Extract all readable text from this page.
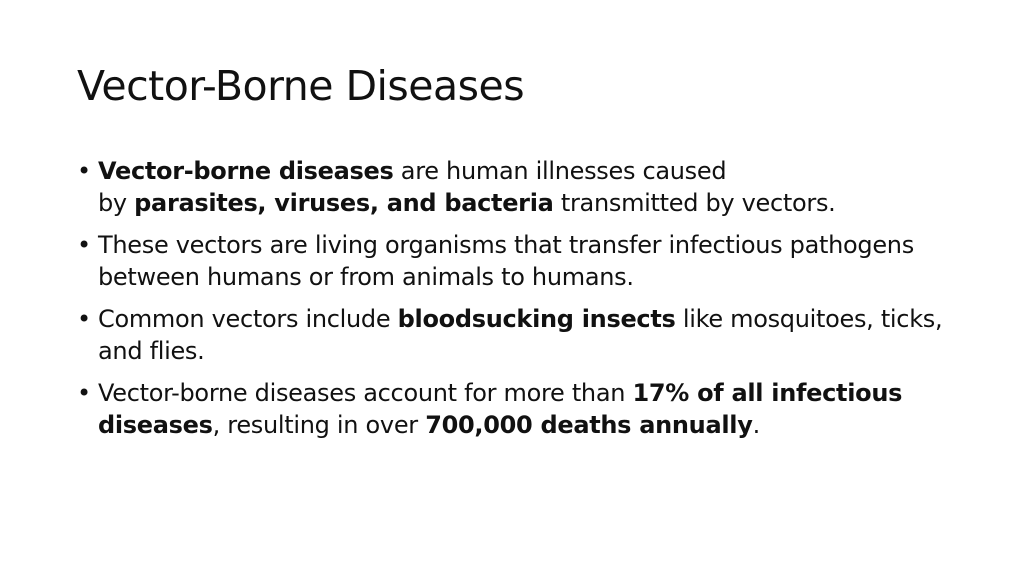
Vector-Borne Diseases
• Vector-borne diseases are human illnesses caused
by parasites, viruses, and bacteria transmitted by vectors.
• These vectors are living organisms that transfer infectious pathogens between humans or from animals to humans.
• Common vectors include bloodsucking insects like mosquitoes, ticks, and flies.
• Vector-borne diseases account for more than 17% of all infectious diseases, resulting in over 700,000 deaths annually.
